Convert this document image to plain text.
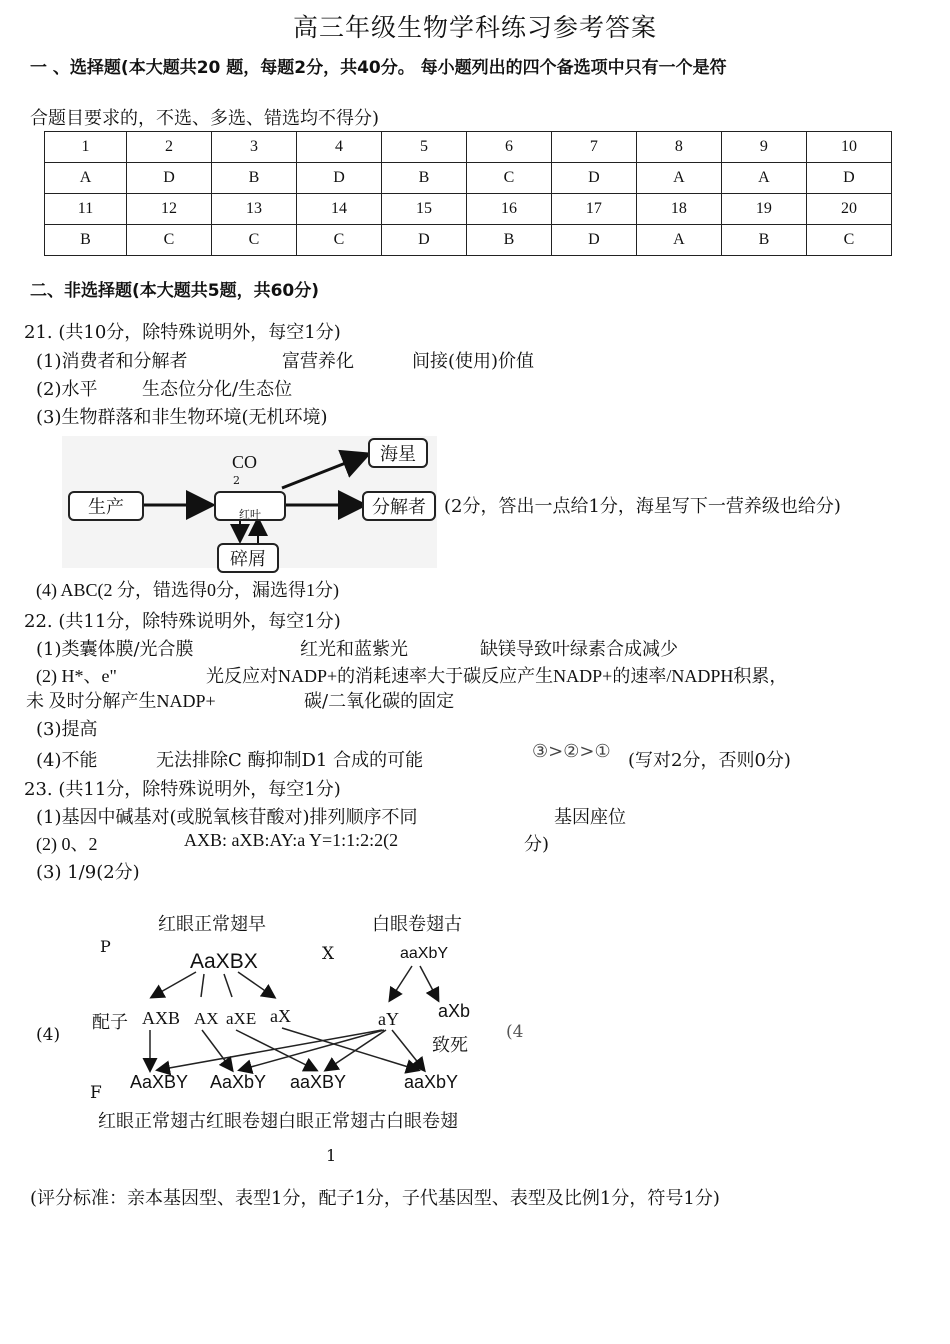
高三年级生物学科练习参考答案
一 、选择题(本大题共20 题，每题2分，共40分。 每小题列出的四个备选项中只有一个是符
合题目要求的，不选、多选、错选均不得分)
1	2	3	4	5	6	7	8	9	10
A	D	B	D	B	C	D	A	A	D
11	12	13	14	15	16	17	18	19	20
B	C	C	C	D	B	D	A	B	C
二、非选择题(本大题共5题，共60分)
21. (共10分，除特殊说明外，每空1分)
(1)消费者和分解者	富营养化	间接(使用)价值
(2)水平 生态位分化/生态位
(3)生物群落和非生物环境(无机环境)
CO
2
海星
生产	红叶	分解者
碎屑
(2分，答出一点给1分，海星写下一营养级也给分)
(4) ABC(2 分，错选得0分，漏选得1分)
22. (共11分，除特殊说明外，每空1分)
(1)类囊体膜/光合膜	红光和蓝紫光	缺镁导致叶绿素合成减少
(2) H*、e"	光反应对NADP+的消耗速率大于碳反应产生NADP+的速率/NADPH积累，
未 及时分解产生NADP+	碳/二氧化碳的固定
(3)提高
(4)不能	无法排除C 酶抑制D1 合成的可能	③>②>① (写对2分，否则0分)
23. (共11分，除特殊说明外，每空1分)
(1)基因中碱基对(或脱氧核苷酸对)排列顺序不同	基因座位
(2) 0、2	AXB: aXB:AY:a Y=1:1:2:2(2	分)
(3) 1/9(2分)
红眼正常翅早	白眼卷翅古
P
AaXBX	X	aaXbY
配子 AXB AX aXE aX	aY aXb
致死
(4)	(4
F
AaXBY AaXbY aaXBY	aaXbY
红眼正常翅古红眼卷翅白眼正常翅古白眼卷翅
1
(评分标准：亲本基因型、表型1分，配子1分，子代基因型、表型及比例1分，符号1分)
